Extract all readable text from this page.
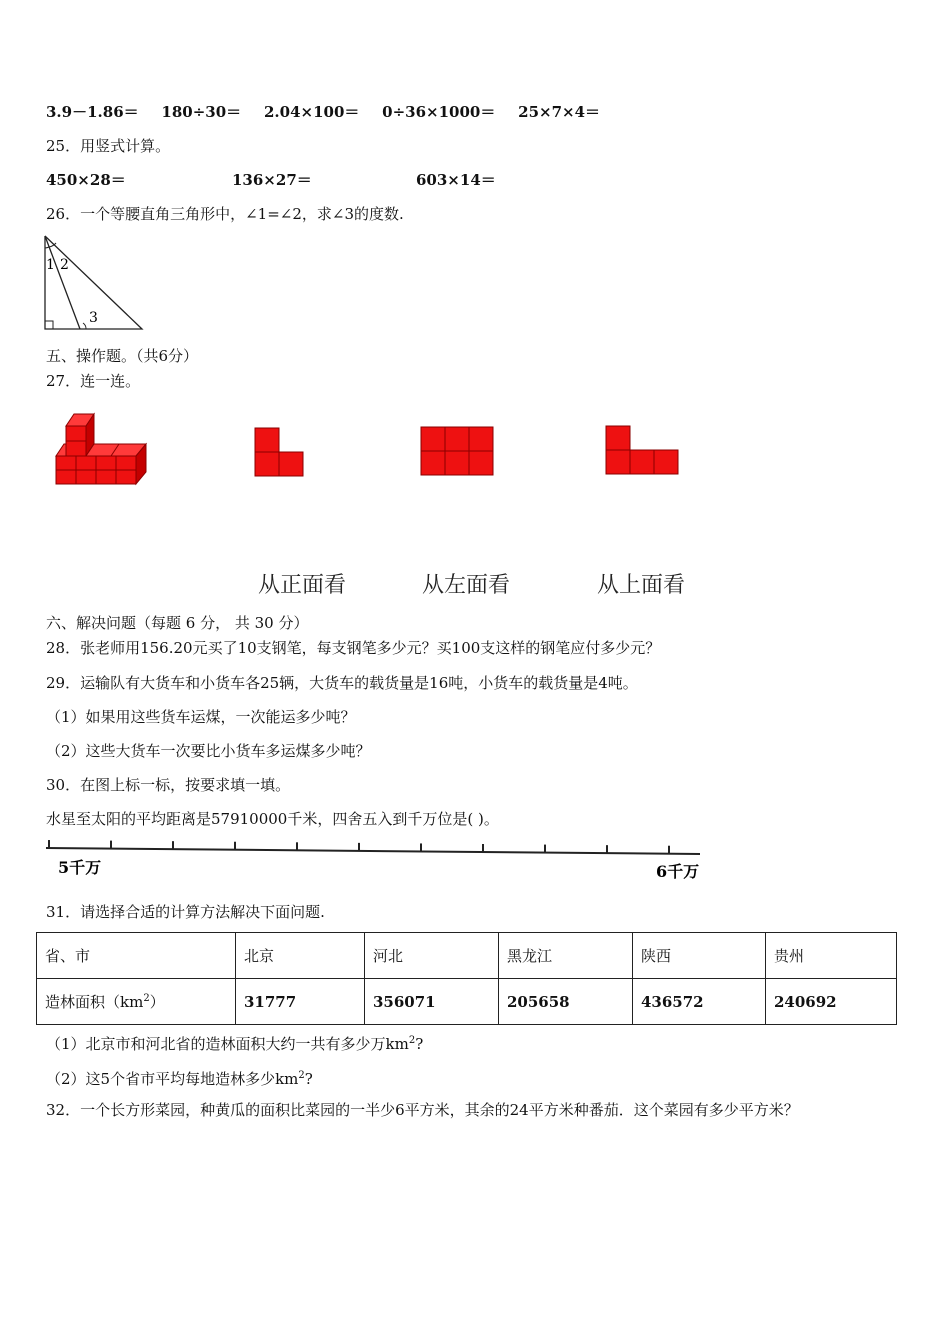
3.9－1.86＝ 180÷30＝ 2.04×100＝ 0÷36×1000＝ 25×7×4＝
25．用竖式计算。
450×28＝	136×27＝	603×14＝
26．一个等腰直角三角形中，∠1=∠2，求∠3的度数.
1 2
3
五、操作题。（共6分）
27．连一连。
从正面看	从左面看	从上面看
六、解决问题（每题 6 分， 共 30 分）
28．张老师用156.20元买了10支钢笔，每支钢笔多少元？买100支这样的钢笔应付多少元？
29．运输队有大货车和小货车各25辆，大货车的载货量是16吨，小货车的载货量是4吨。
（1）如果用这些货车运煤，一次能运多少吨？
（2）这些大货车一次要比小货车多运煤多少吨？
30．在图上标一标，按要求填一填。
水星至太阳的平均距离是57910000千米，四舍五入到千万位是( )。
5千万	6千万
31．请选择合适的计算方法解决下面问题.
省、市	北京	河北	黑龙江	陕西	贵州
造林面积$(km^2)$	31777	356071	205658	436572	240692
（1）北京市和河北省的造林面积大约一共有多少万$km^2$?
（2）这5个省市平均每地造林多少$km^2$?
32．一个长方形菜园，种黄瓜的面积比菜园的一半少6平方米，其余的24平方米种番茄．这个菜园有多少平方米？
